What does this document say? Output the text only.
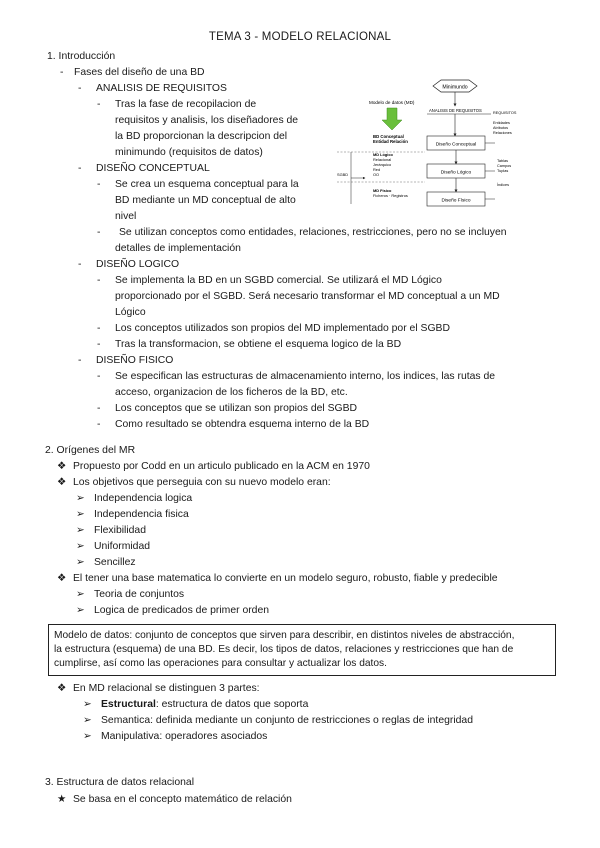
TEMA 3 - MODELO RELACIONAL
1. Introducción
-	Fases del diseño de una BD
- ANALISIS DE REQUISITOS
- Tras la fase de recopilacion de
requisitos y analisis, los diseñadores de
la BD proporcionan la descripcion del
minimundo (requisitos de datos)
- DISEÑO CONCEPTUAL
- Se crea un esquema conceptual para la
BD mediante un MD conceptual de alto
nivel
- Se utilizan conceptos como entidades, relaciones, restricciones, pero no se incluyen
detalles de implementación
- DISEÑO LOGICO
- Se implementa la BD en un SGBD comercial. Se utilizará el MD Lógico
proporcionado por el SGBD. Será necesario transformar el MD conceptual a un MD
Lógico
- Los conceptos utilizados son propios del MD implementado por el SGBD
- Tras la transformacion, se obtiene el esquema logico de la BD
- DISEÑO FISICO
- Se especifican las estructuras de almacenamiento interno, los indices, las rutas de
acceso, organizacion de los ficheros de la BD, etc.
- Los conceptos que se utilizan son propios del SGBD
- Como resultado se obtendra esquema interno de la BD
Minimundo
Modelo de datos (MD)
ANALISIS DE REQUISITOS	REQUISITOS
Diseño Conceptual
BD Conceptual
Entidad Relación
Entidades
Atributos
Relaciones
Diseño Lógico
MD Lógico
Relacional
Jerárquico
Red
OO
Tablas
Campos
Tuplas
Diseño Físico
MD Físico
Ficheros · Registros
Índices
SGBD
2. Orígenes del MR
❖ Propuesto por Codd en un articulo publicado en la ACM en 1970
❖ Los objetivos que perseguia con su nuevo modelo eran:
➢ Independencia logica
➢ Independencia fisica
➢ Flexibilidad
➢ Uniformidad
➢ Sencillez
❖ El tener una base matematica lo convierte en un modelo seguro, robusto, fiable y predecible
➢ Teoria de conjuntos
➢ Logica de predicados de primer orden
Modelo de datos: conjunto de conceptos que sirven para describir, en distintos niveles de abstracción,
la estructura (esquema) de una BD. Es decir, los tipos de datos, relaciones y restricciones que han de
cumplirse, así como las operaciones para consultar y actualizar los datos.
❖ En MD relacional se distinguen 3 partes:
➢ Estructural: estructura de datos que soporta
➢ Semantica: definida mediante un conjunto de restricciones o reglas de integridad
➢ Manipulativa: operadores asociados
3. Estructura de datos relacional
★ Se basa en el concepto matemático de relación
